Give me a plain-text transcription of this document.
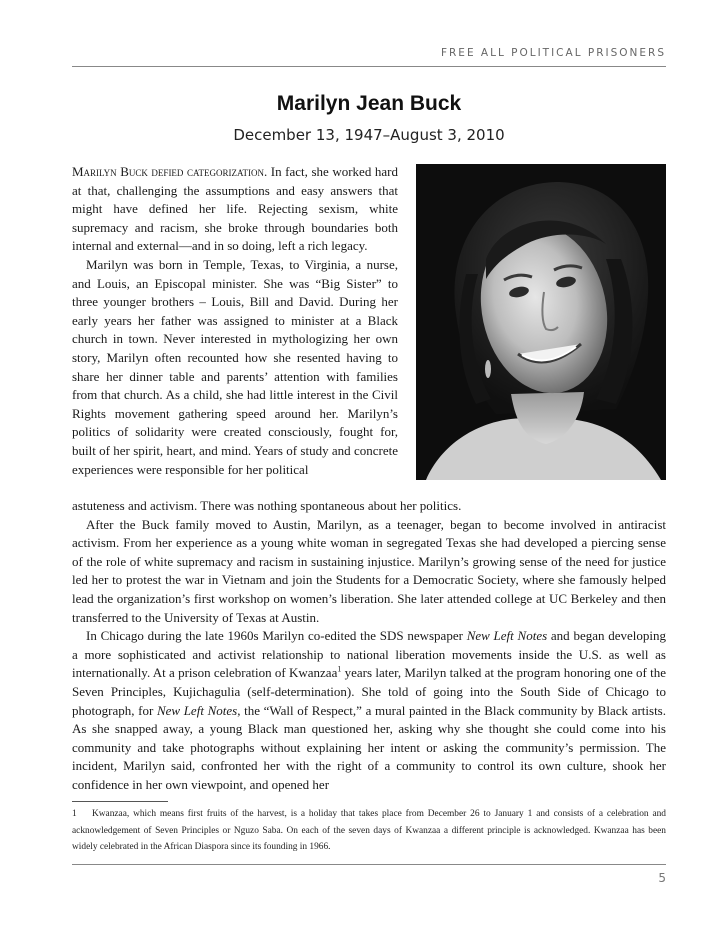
FREE ALL POLITICAL PRISONERS
Marilyn Jean Buck
December 13, 1947–August 3, 2010

Marilyn Buck defied categorization. In fact, she worked hard at that, challenging the assumptions and easy answers that might have defined her life. Rejecting sexism, white supremacy and racism, she broke through boundaries both internal and external—and in so doing, left a rich legacy.

Marilyn was born in Temple, Texas, to Virginia, a nurse, and Louis, an Episcopal minister. She was “Big Sister” to three younger brothers – Louis, Bill and David. During her early years her father was assigned to minister at a Black church in town. Never interested in mythologizing her own story, Marilyn often recounted how she resented having to share her dinner table and parents’ attention with families from that church. As a child, she had little interest in the Civil Rights movement gathering speed around her. Marilyn’s politics of solidarity were created consciously, fought for, built of her spirit, heart, and mind. Years of study and concrete experiences were responsible for her political

astuteness and activism. There was nothing spontaneous about her politics.

After the Buck family moved to Austin, Marilyn, as a teenager, began to become involved in antiracist activism. From her experience as a young white woman in segregated Texas she had developed a piercing sense of the role of white supremacy and racism in sustaining injustice. Marilyn’s growing sense of the need for justice led her to protest the war in Vietnam and join the Students for a Democratic Society, where she famously helped lead the organization’s first workshop on women’s liberation. She later attended college at UC Berkeley and then transferred to the University of Texas at Austin.

In Chicago during the late 1960s Marilyn co-edited the SDS newspaper New Left Notes and began developing a more sophisticated and activist relationship to national liberation movements inside the U.S. as well as internationally. At a prison celebration of Kwanzaa$^1$ years later, Marilyn talked at the program honoring one of the Seven Principles, Kujichagulia (self-determination). She told of going into the South Side of Chicago to photograph, for New Left Notes, the “Wall of Respect,” a mural painted in the Black community by Black artists. As she snapped away, a young Black man questioned her, asking why she thought she could come into his community and take photographs without explaining her intent or asking the community’s permission. The incident, Marilyn said, confronted her with the right of a community to control its own culture, shook her confidence in her own viewpoint, and opened her

1 Kwanzaa, which means first fruits of the harvest, is a holiday that takes place from December 26 to January 1 and consists of a celebration and acknowledgement of Seven Principles or Nguzo Saba. On each of the seven days of Kwanzaa a different principle is acknowledged. Kwanzaa has been widely celebrated in the African Diaspora since its founding in 1966.
5
